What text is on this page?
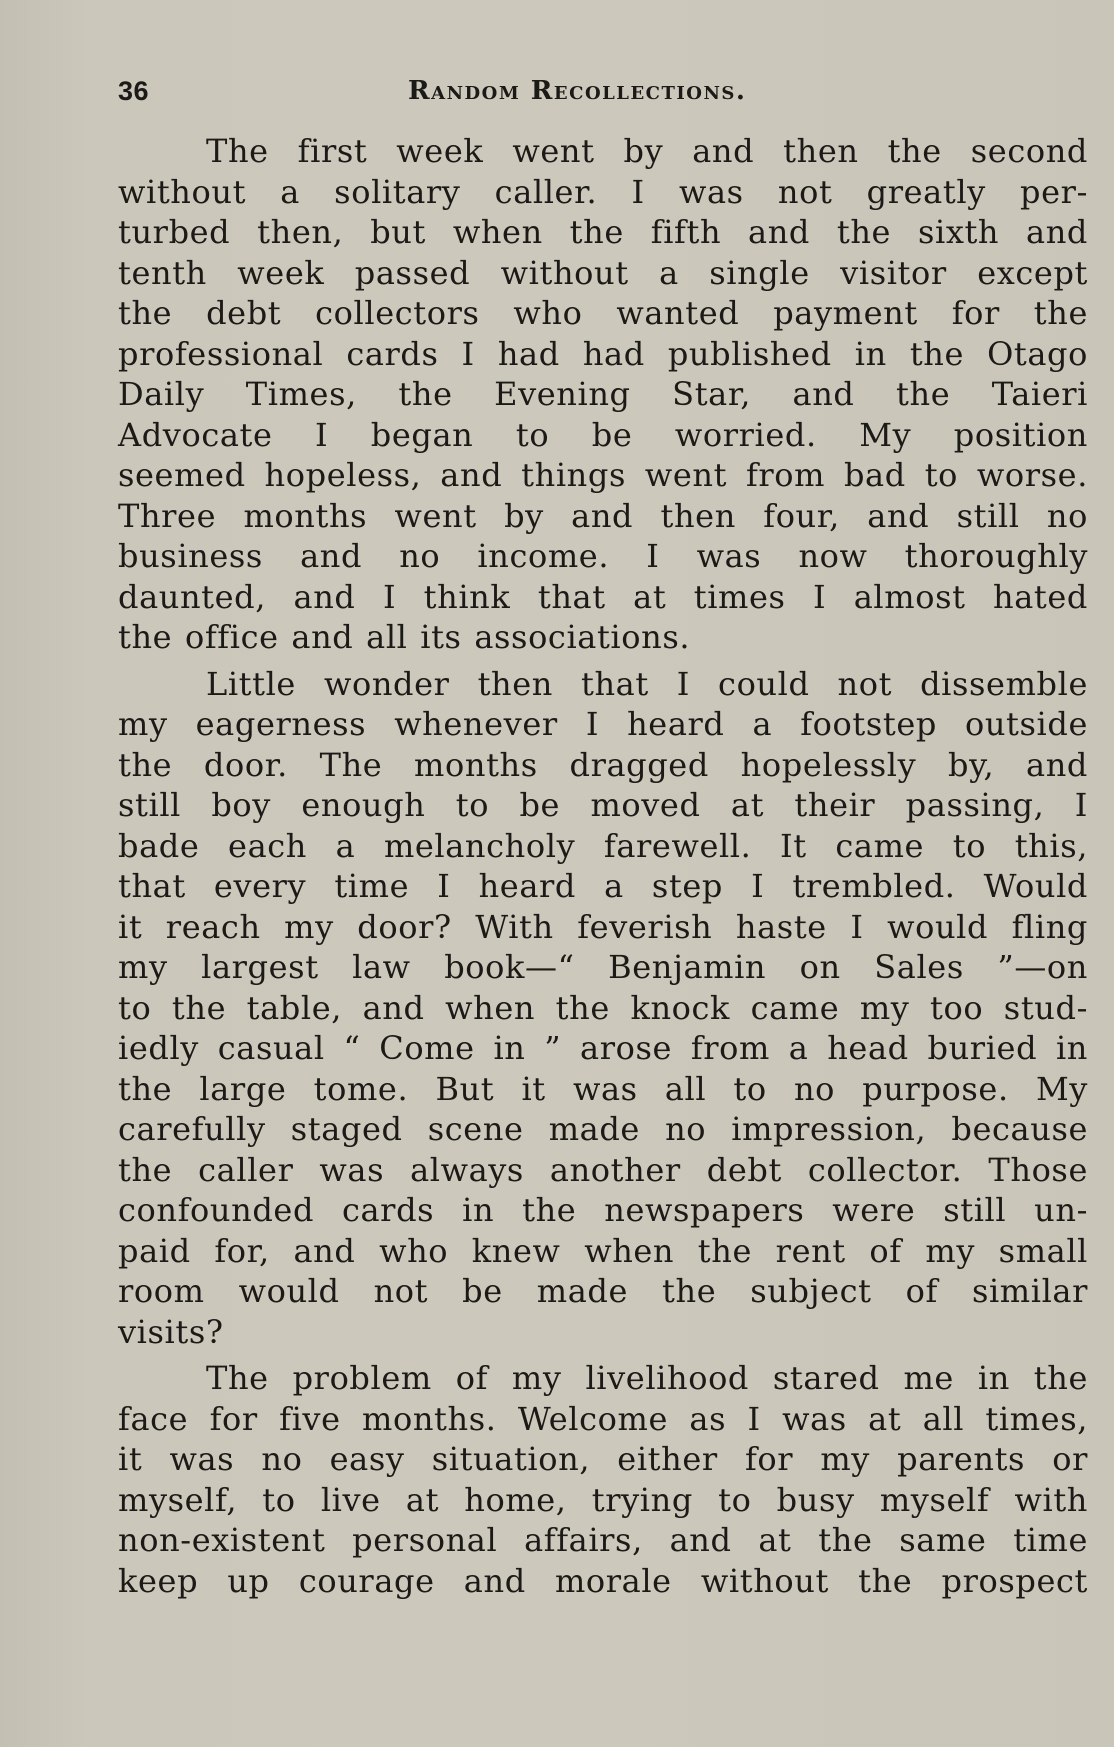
36	Random Recollections.
The first week went by and then the second
without a solitary caller. I was not greatly per-
turbed then, but when the fifth and the sixth and
tenth week passed without a single visitor except
the debt collectors who wanted payment for the
professional cards I had had published in the Otago
Daily Times, the Evening Star, and the Taieri
Advocate I began to be worried. My position
seemed hopeless, and things went from bad to worse.
Three months went by and then four, and still no
business and no income. I was now thoroughly
daunted, and I think that at times I almost hated
the office and all its associations.
Little wonder then that I could not dissemble
my eagerness whenever I heard a footstep outside
the door. The months dragged hopelessly by, and
still boy enough to be moved at their passing, I
bade each a melancholy farewell. It came to this,
that every time I heard a step I trembled. Would
it reach my door? With feverish haste I would fling
my largest law book—“ Benjamin on Sales ”—on
to the table, and when the knock came my too stud-
iedly casual “ Come in ” arose from a head buried in
the large tome. But it was all to no purpose. My
carefully staged scene made no impression, because
the caller was always another debt collector. Those
confounded cards in the newspapers were still un-
paid for, and who knew when the rent of my small
room would not be made the subject of similar
visits?
The problem of my livelihood stared me in the
face for five months. Welcome as I was at all times,
it was no easy situation, either for my parents or
myself, to live at home, trying to busy myself with
non-existent personal affairs, and at the same time
keep up courage and morale without the prospect
